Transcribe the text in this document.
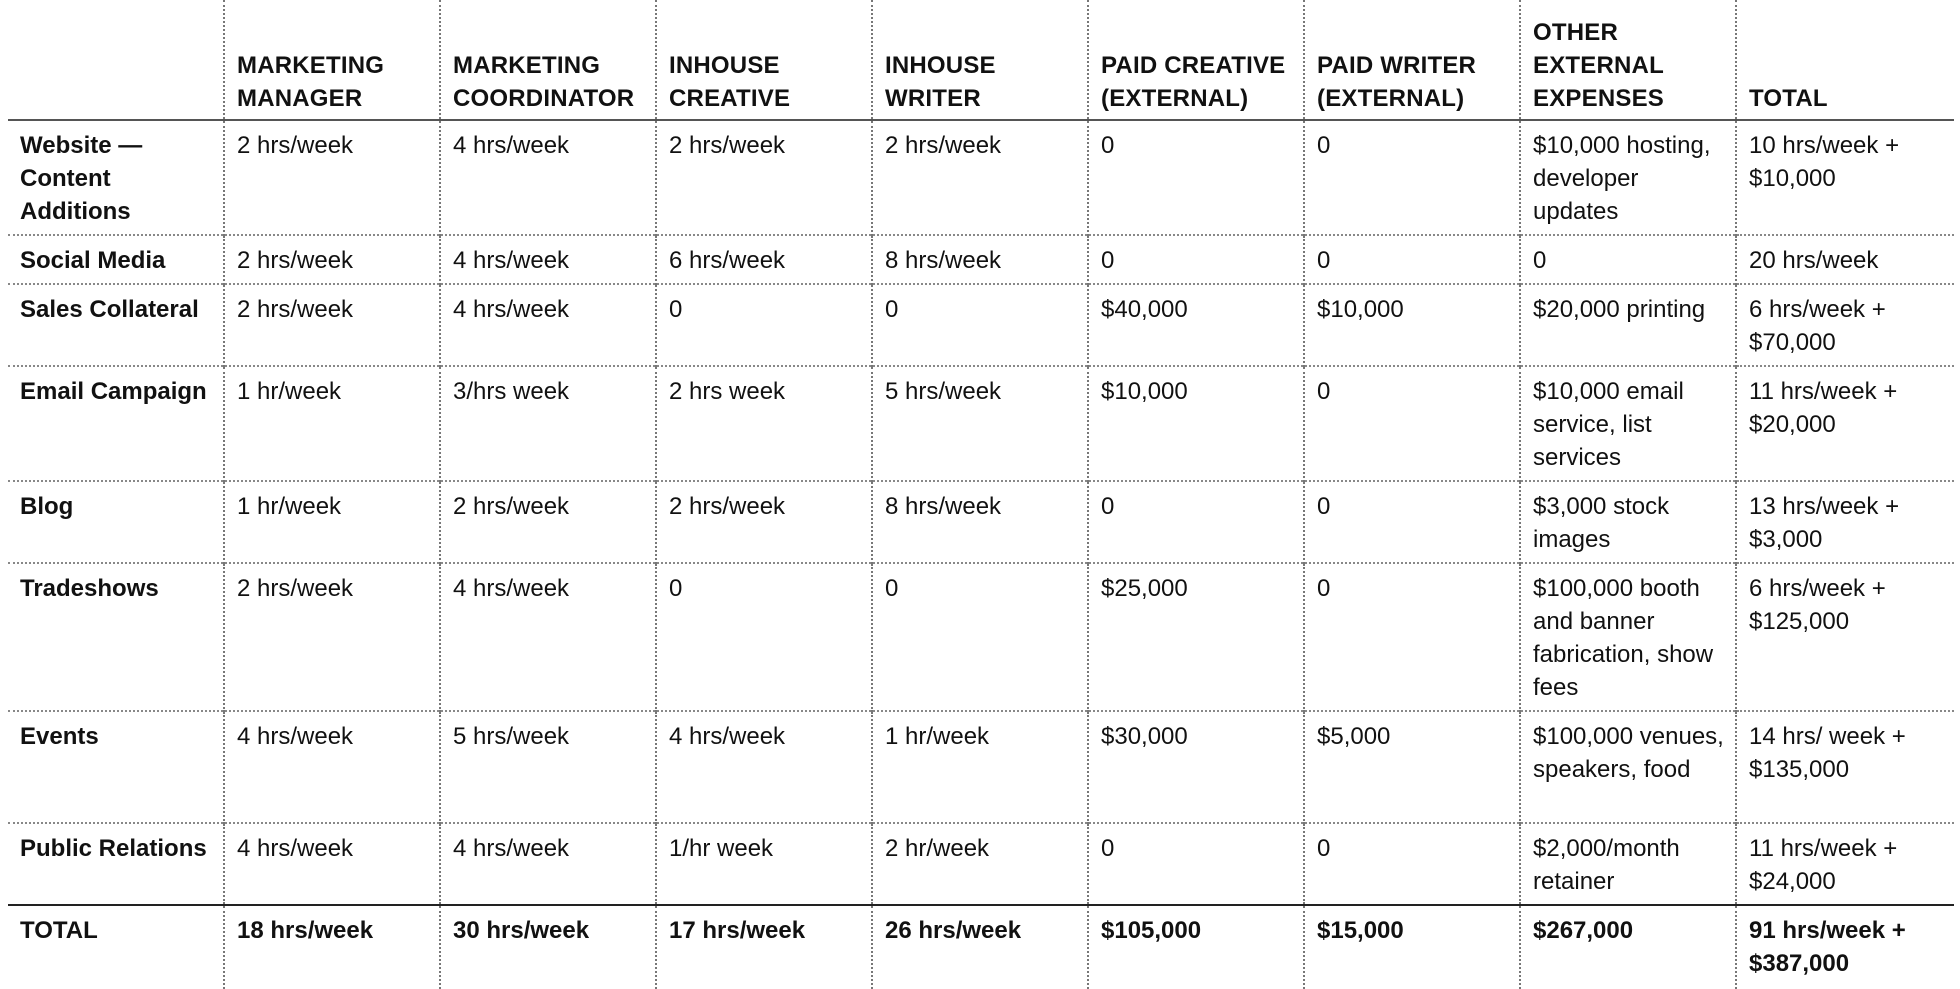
	MARKETING MANAGER	MARKETING COORDINATOR	INHOUSE CREATIVE	INHOUSE WRITER	PAID CREATIVE (EXTERNAL)	PAID WRITER (EXTERNAL)	OTHER EXTERNAL EXPENSES	TOTAL
Website — Content Additions	2 hrs/week	4 hrs/week	2 hrs/week	2 hrs/week	0	0	$10,000 hosting, developer updates	10 hrs/week + $10,000
Social Media	2 hrs/week	4 hrs/week	6 hrs/week	8 hrs/week	0	0	0	20 hrs/week
Sales Collateral	2 hrs/week	4 hrs/week	0	0	$40,000	$10,000	$20,000 printing	6 hrs/week + $70,000
Email Campaign	1 hr/week	3/hrs week	2 hrs week	5 hrs/week	$10,000	0	$10,000 email service, list services	11 hrs/week + $20,000
Blog	1 hr/week	2 hrs/week	2 hrs/week	8 hrs/week	0	0	$3,000 stock images	13 hrs/week + $3,000
Tradeshows	2 hrs/week	4 hrs/week	0	0	$25,000	0	$100,000 booth and banner fabrication, show fees	6 hrs/week + $125,000
Events	4 hrs/week	5 hrs/week	4 hrs/week	1 hr/week	$30,000	$5,000	$100,000 venues, speakers, food	14 hrs/ week + $135,000
Public Relations	4 hrs/week	4 hrs/week	1/hr week	2 hr/week	0	0	$2,000/month retainer	11 hrs/week + $24,000
TOTAL	18 hrs/week	30 hrs/week	17 hrs/week	26 hrs/week	$105,000	$15,000	$267,000	91 hrs/week + $387,000
